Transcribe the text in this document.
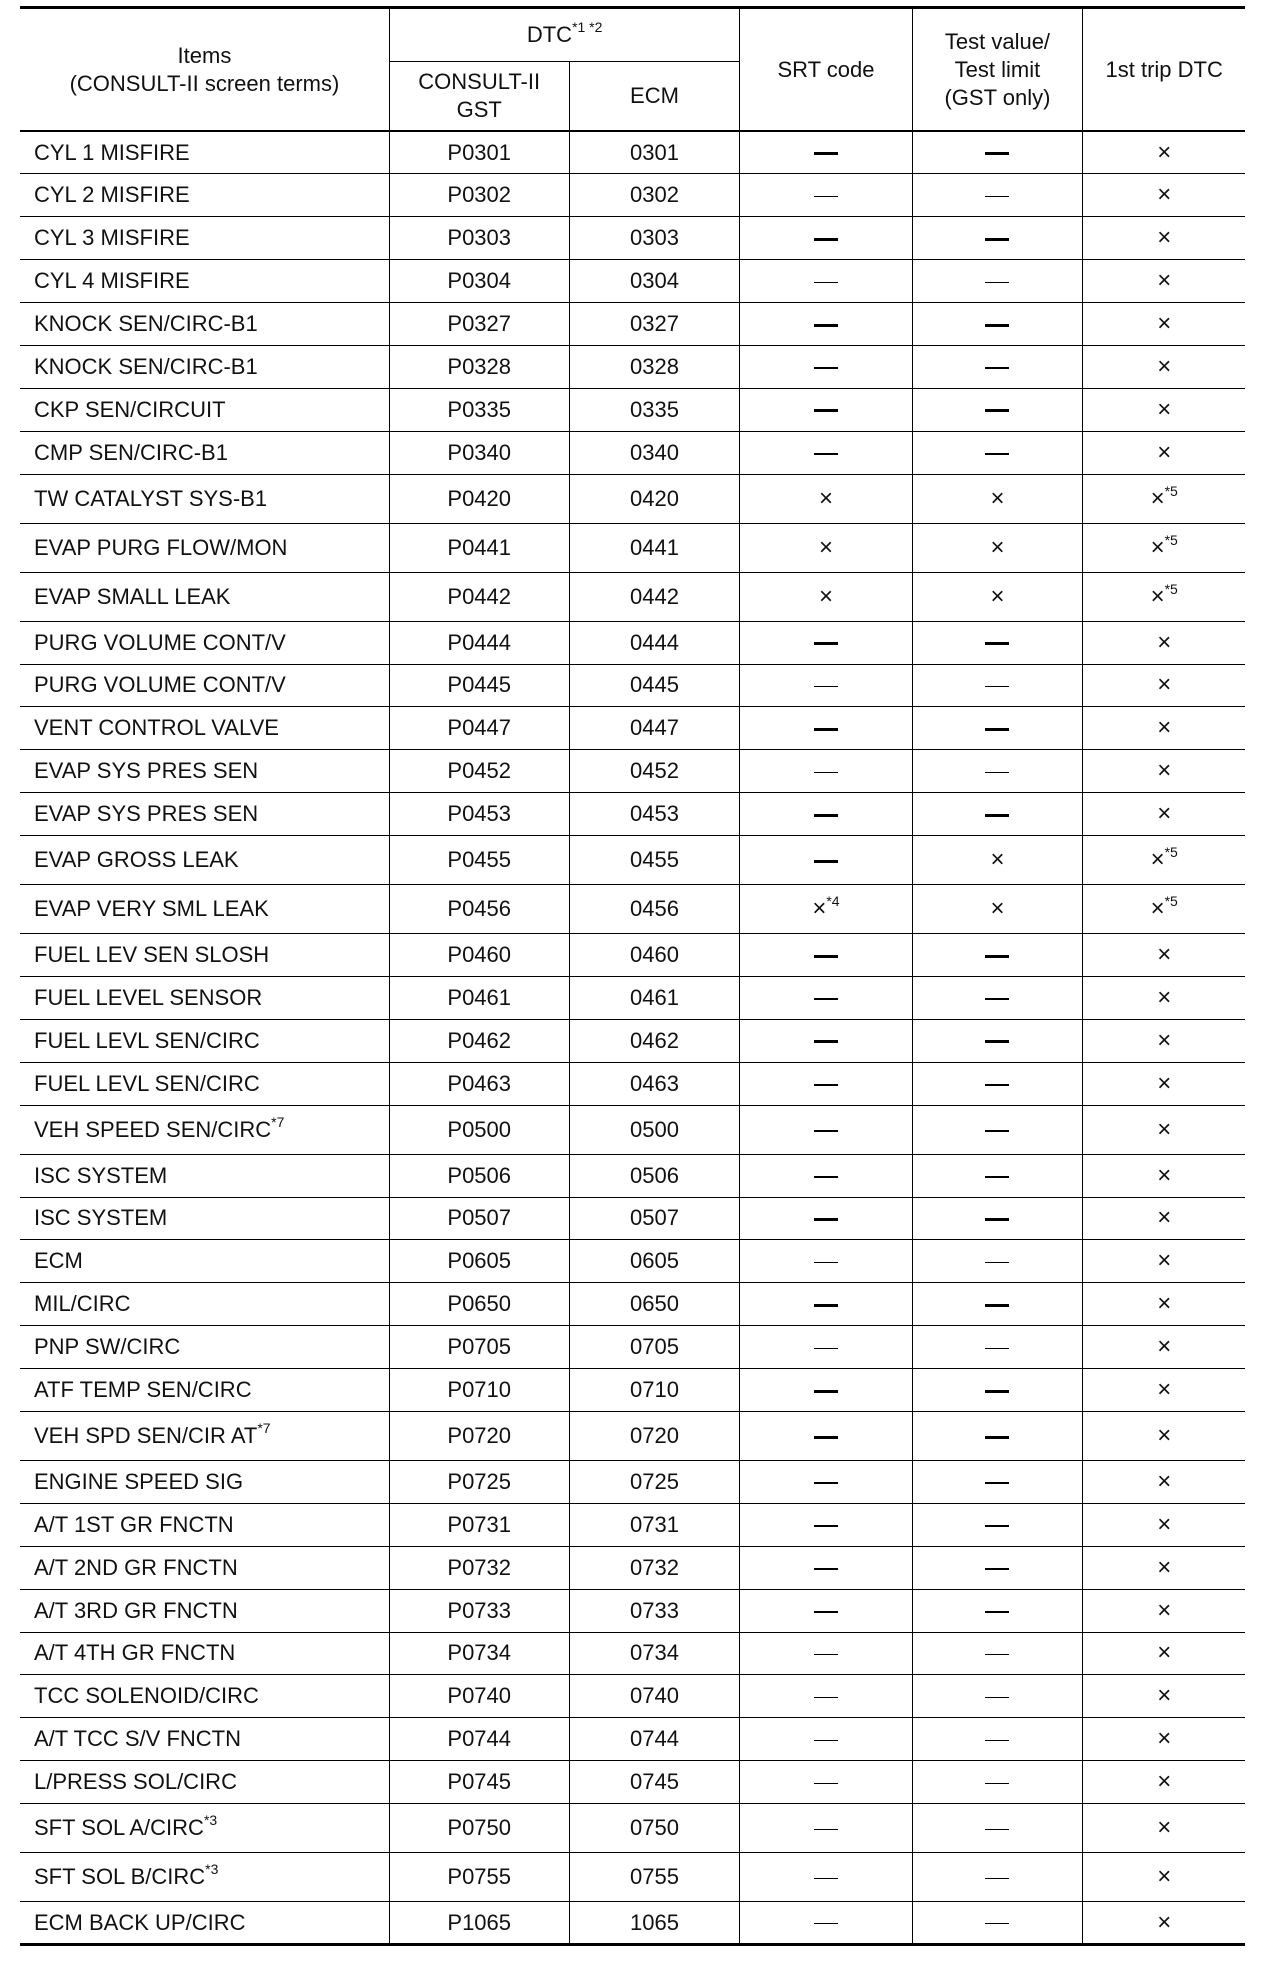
Items
(CONSULT-II screen terms)	$DTC^{*1 *2}$		SRT code	Test value/
Test limit
(GST only)	1st trip DTC

	CONSULT-II
GST	ECM			
CYL 1 MISFIRE	P0301	0301			×
CYL 2 MISFIRE	P0302	0302			×
CYL 3 MISFIRE	P0303	0303			×
CYL 4 MISFIRE	P0304	0304			×
KNOCK SEN/CIRC-B1	P0327	0327			×
KNOCK SEN/CIRC-B1	P0328	0328			×
CKP SEN/CIRCUIT	P0335	0335			×
CMP SEN/CIRC-B1	P0340	0340			×
TW CATALYST SYS-B1	P0420	0420	×	×	×$^{*5}$
EVAP PURG FLOW/MON	P0441	0441	×	×	×$^{*5}$
EVAP SMALL LEAK	P0442	0442	×	×	×$^{*5}$
PURG VOLUME CONT/V	P0444	0444			×
PURG VOLUME CONT/V	P0445	0445			×
VENT CONTROL VALVE	P0447	0447			×
EVAP SYS PRES SEN	P0452	0452			×
EVAP SYS PRES SEN	P0453	0453			×
EVAP GROSS LEAK	P0455	0455		×	×$^{*5}$
EVAP VERY SML LEAK	P0456	0456	×$^{*4}$	×	×$^{*5}$
FUEL LEV SEN SLOSH	P0460	0460			×
FUEL LEVEL SENSOR	P0461	0461			×
FUEL LEVL SEN/CIRC	P0462	0462			×
FUEL LEVL SEN/CIRC	P0463	0463			×
VEH SPEED SEN/CIRC$^{*7}$	P0500	0500			×
ISC SYSTEM	P0506	0506			×
ISC SYSTEM	P0507	0507			×
ECM	P0605	0605			×
MIL/CIRC	P0650	0650			×
PNP SW/CIRC	P0705	0705			×
ATF TEMP SEN/CIRC	P0710	0710			×
VEH SPD SEN/CIR AT$^{*7}$	P0720	0720			×
ENGINE SPEED SIG	P0725	0725			×
A/T 1ST GR FNCTN	P0731	0731			×
A/T 2ND GR FNCTN	P0732	0732			×
A/T 3RD GR FNCTN	P0733	0733			×
A/T 4TH GR FNCTN	P0734	0734			×
TCC SOLENOID/CIRC	P0740	0740			×
A/T TCC S/V FNCTN	P0744	0744			×
L/PRESS SOL/CIRC	P0745	0745			×
SFT SOL A/CIRC$^{*3}$	P0750	0750			×
SFT SOL B/CIRC$^{*3}$	P0755	0755			×
ECM BACK UP/CIRC	P1065	1065			×
